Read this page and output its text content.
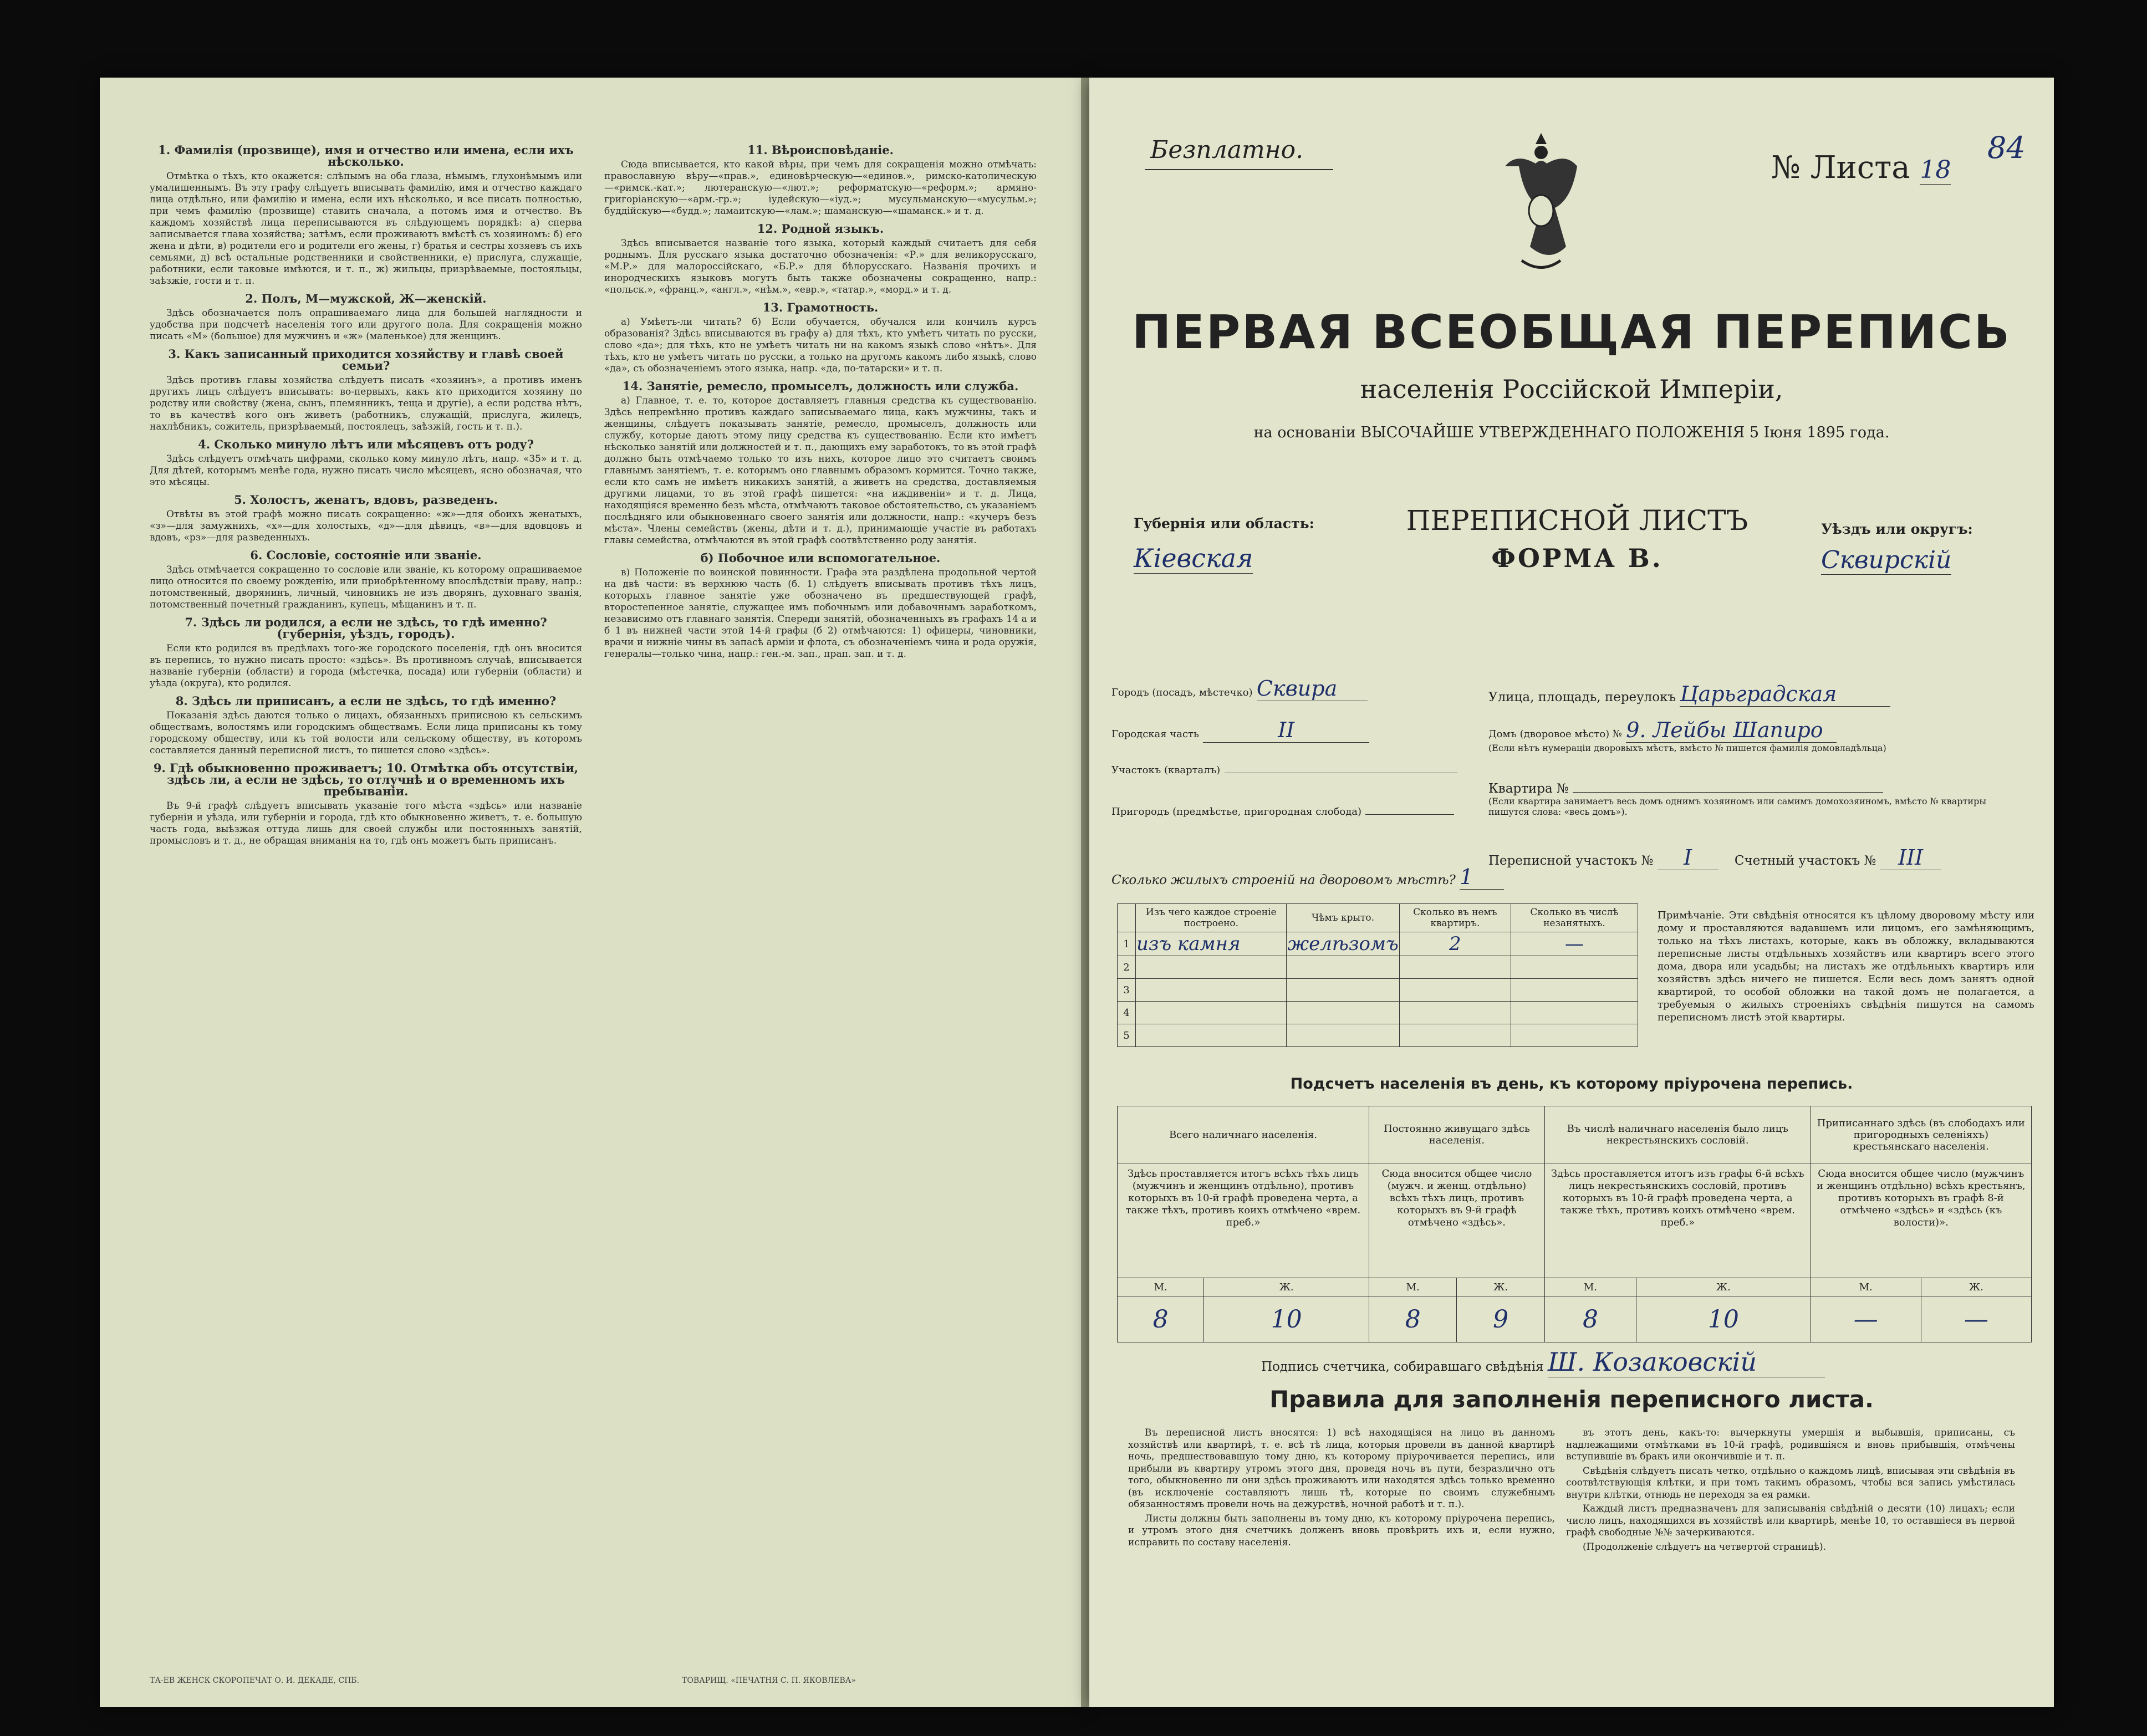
1. Фамилія (прозвище), имя и отчество или имена, если ихъ нѣсколько.

Отмѣтка о тѣхъ, кто окажется: слѣпымъ на оба глаза, нѣмымъ, глухонѣмымъ или умалишеннымъ. Въ эту графу слѣдуетъ вписывать фамилію, имя и отчество каждаго лица отдѣльно, или фамилію и имена, если ихъ нѣсколько, и все писать полностью, при чемъ фамилію (прозвище) ставить сначала, а потомъ имя и отчество. Въ каждомъ хозяйствѣ лица переписываются въ слѣдующемъ порядкѣ: а) сперва записывается глава хозяйства; затѣмъ, если проживаютъ вмѣстѣ съ хозяиномъ: б) его жена и дѣти, в) родители его и родители его жены, г) братья и сестры хозяевъ съ ихъ семьями, д) всѣ остальные родственники и свойственники, е) прислуга, служащіе, работники, если таковые имѣются, и т. п., ж) жильцы, призрѣваемые, постояльцы, заѣзжіе, гости и т. п.

2. Полъ, М—мужской, Ж—женскій.

Здѣсь обозначается полъ опрашиваемаго лица для большей наглядности и удобства при подсчетѣ населенія того или другого пола. Для сокращенія можно писать «М» (большое) для мужчинъ и «ж» (маленькое) для женщинъ.

3. Какъ записанный приходится хозяйству и главѣ своей семьи?

Здѣсь противъ главы хозяйства слѣдуетъ писать «хозяинъ», а противъ именъ другихъ лицъ слѣдуетъ вписывать: во-первыхъ, какъ кто приходится хозяину по родству или свойству (жена, сынъ, племянникъ, теща и другіе), а если родства нѣтъ, то въ качествѣ кого онъ живетъ (работникъ, служащій, прислуга, жилецъ, нахлѣбникъ, сожитель, призрѣваемый, постоялецъ, заѣзжій, гость и т. п.).

4. Сколько минуло лѣтъ или мѣсяцевъ отъ роду?

Здѣсь слѣдуетъ отмѣчать цифрами, сколько кому минуло лѣтъ, напр. «35» и т. д. Для дѣтей, которымъ менѣе года, нужно писать число мѣсяцевъ, ясно обозначая, что это мѣсяцы.

5. Холостъ, женатъ, вдовъ, разведенъ.

Отвѣты въ этой графѣ можно писать сокращенно: «ж»—для обоихъ женатыхъ, «з»—для замужнихъ, «х»—для холостыхъ, «д»—для дѣвицъ, «в»—для вдовцовъ и вдовъ, «рз»—для разведенныхъ.

6. Сословіе, состояніе или званіе.

Здѣсь отмѣчается сокращенно то сословіе или званіе, къ которому опрашиваемое лицо относится по своему рожденію, или приобрѣтенному впослѣдствіи праву, напр.: потомственный, дворянинъ, личный, чиновникъ не изъ дворянъ, духовнаго званія, потомственный почетный гражданинъ, купецъ, мѣщанинъ и т. п.

7. Здѣсь ли родился, а если не здѣсь, то гдѣ именно? (губернія, уѣздъ, городъ).

Если кто родился въ предѣлахъ того-же городского поселенія, гдѣ онъ вносится въ перепись, то нужно писать просто: «здѣсь». Въ противномъ случаѣ, вписывается названіе губерніи (области) и города (мѣстечка, посада) или губерніи (области) и уѣзда (округа), кто родился.

8. Здѣсь ли приписанъ, а если не здѣсь, то гдѣ именно?

Показанія здѣсь даются только о лицахъ, обязанныхъ приписною къ сельскимъ обществамъ, волостямъ или городскимъ обществамъ. Если лица приписаны къ тому городскому обществу, или къ той волости или сельскому обществу, въ которомъ составляется данный переписной листъ, то пишется слово «здѣсь».

9. Гдѣ обыкновенно проживаетъ; 10. Отмѣтка объ отсутствіи, здѣсь ли, а если не здѣсь, то отлучнѣ и о временномъ ихъ пребываніи.

Въ 9-й графѣ слѣдуетъ вписывать указаніе того мѣста «здѣсь» или названіе губерніи и уѣзда, или губерніи и города, гдѣ кто обыкновенно живетъ, т. е. большую часть года, выѣзжая оттуда лишь для своей службы или постоянныхъ занятій, промысловъ и т. д., не обращая вниманія на то, гдѣ онъ можетъ быть приписанъ.

11. Вѣроисповѣданіе.

Сюда вписывается, кто какой вѣры, при чемъ для сокращенія можно отмѣчать: православную вѣру—«прав.», единовѣрческую—«единов.», римско-католическую—«римск.-кат.»; лютеранскую—«лют.»; реформатскую—«реформ.»; армяно-григоріанскую—«арм.-гр.»; іудейскую—«іуд.»; мусульманскую—«мусульм.»; буддійскую—«будд.»; ламаитскую—«лам.»; шаманскую—«шаманск.» и т. д.

12. Родной языкъ.

Здѣсь вписывается названіе того языка, который каждый считаетъ для себя роднымъ. Для русскаго языка достаточно обозначенія: «Р.» для великорусскаго, «М.Р.» для малороссійскаго, «Б.Р.» для бѣлорусскаго. Названія прочихъ и инородческихъ языковъ могутъ быть также обозначены сокращенно, напр.: «польск.», «франц.», «англ.», «нѣм.», «евр.», «татар.», «морд.» и т. д.

13. Грамотность.

а) Умѣетъ-ли читать? б) Если обучается, обучался или кончилъ курсъ образованія? Здѣсь вписываются въ графу а) для тѣхъ, кто умѣетъ читать по русски, слово «да»; для тѣхъ, кто не умѣетъ читать ни на какомъ языкѣ слово «нѣтъ». Для тѣхъ, кто не умѣетъ читать по русски, а только на другомъ какомъ либо языкѣ, слово «да», съ обозначеніемъ этого языка, напр. «да, по-татарски» и т. п.

14. Занятіе, ремесло, промыселъ, должность или служба.

а) Главное, т. е. то, которое доставляетъ главныя средства къ существованію. Здѣсь непремѣнно противъ каждаго записываемаго лица, какъ мужчины, такъ и женщины, слѣдуетъ показывать занятіе, ремесло, промыселъ, должность или службу, которые даютъ этому лицу средства къ существованію. Если кто имѣетъ нѣсколько занятій или должностей и т. п., дающихъ ему заработокъ, то въ этой графѣ должно быть отмѣчаемо только то изъ нихъ, которое лицо это считаетъ своимъ главнымъ занятіемъ, т. е. которымъ оно главнымъ образомъ кормится. Точно также, если кто самъ не имѣетъ никакихъ занятій, а живетъ на средства, доставляемыя другими лицами, то въ этой графѣ пишется: «на иждивеніи» и т. д. Лица, находящіяся временно безъ мѣста, отмѣчаютъ таковое обстоятельство, съ указаніемъ послѣдняго или обыкновеннаго своего занятія или должности, напр.: «кучеръ безъ мѣста». Члены семействъ (жены, дѣти и т. д.), принимающіе участіе въ работахъ главы семейства, отмѣчаются въ этой графѣ соотвѣтственно роду занятія.

б) Побочное или вспомогательное.

в) Положеніе по воинской повинности. Графа эта раздѣлена продольной чертой на двѣ части: въ верхнюю часть (б. 1) слѣдуетъ вписывать противъ тѣхъ лицъ, которыхъ главное занятіе уже обозначено въ предшествующей графѣ, второстепенное занятіе, служащее имъ побочнымъ или добавочнымъ заработкомъ, независимо отъ главнаго занятія. Спереди занятій, обозначенныхъ въ графахъ 14 а и б 1 въ нижней части этой 14-й графы (б 2) отмѣчаются: 1) офицеры, чиновники, врачи и нижніе чины въ запасѣ арміи и флота, съ обозначеніемъ чина и рода оружія, генералы—только чина, напр.: ген.-м. зап., прап. зап. и т. д.

ТА-ЕВ ЖЕНСК СКОРОПЕЧАТ О. И. ДЕКАДЕ, СПБ.	ТОВАРИЩ. «ПЕЧАТНЯ С. П. ЯКОВЛЕВА»
Безплатно.	№ Листа 18
84
ПЕРВАЯ ВСЕОБЩАЯ ПЕРЕПИСЬ
населенія Россійской Имперіи,
на основаніи ВЫСОЧАЙШЕ УТВЕРЖДЕННАГО ПОЛОЖЕНІЯ 5 Іюня 1895 года.
Губернія или область:
Кіевская
ПЕРЕПИСНОЙ ЛИСТЪ
ФОРМА В.
Уѣздъ или округъ:
Сквирскій
Городъ (посадъ, мѣстечко) Сквира
Городская часть	II
Участокъ (кварталъ)
Пригородъ (предмѣстье, пригородная слобода)
Улица, площадь, переулокъ Царьградская
Домъ (дворовое мѣсто) № 9. Лейбы Шапиро
(Если нѣтъ нумераціи дворовыхъ мѣстъ, вмѣсто № пишется фамилія домовладѣльца)
Квартира №
(Если квартира занимаетъ весь домъ однимъ хозяиномъ или самимъ домохозяиномъ, вмѣсто № квартиры пишутся слова: «весь домъ»).
Переписной участокъ № I	Счетный участокъ № III
Сколько жилыхъ строеній на дворовомъ мѣстѣ? 1
	Изъ чего каждое строеніе построено.	Чѣмъ крыто.	Сколько въ немъ квартиръ.	Сколько въ числѣ незанятыхъ.
1	изъ камня	желѣзомъ	2	—
2				
3				
4				
5				
Примѣчаніе. Эти свѣдѣнія относятся къ цѣлому дворовому мѣсту или дому и проставляются вадавшемъ или лицомъ, его замѣняющимъ, только на тѣхъ листахъ, которые, какъ въ обложку, вкладываются переписные листы отдѣльныхъ хозяйствъ или квартиръ всего этого дома, двора или усадьбы; на листахъ же отдѣльныхъ квартиръ или хозяйствъ здѣсь ничего не пишется. Если весь домъ занятъ одной квартирой, то особой обложки на такой домъ не полагается, а требуемыя о жилыхъ строеніяхъ свѣдѣнія пишутся на самомъ переписномъ листѣ этой квартиры.
Подсчетъ населенія въ день, къ которому пріурочена перепись.
Всего наличнаго населенія.		Постоянно живущаго здѣсь населенія.		Въ числѣ наличнаго населенія было лицъ некрестьянскихъ сословій.		Приписаннаго здѣсь (въ слободахъ или пригородныхъ селеніяхъ) крестьянскаго населенія.	
Здѣсь проставляется итогъ всѣхъ тѣхъ лицъ (мужчинъ и женщинъ отдѣльно), противъ которыхъ въ 10-й графѣ проведена черта, а также тѣхъ, противъ коихъ отмѣчено «врем. преб.»		Сюда вносится общее число (мужч. и женщ. отдѣльно) всѣхъ тѣхъ лицъ, противъ которыхъ въ 9-й графѣ отмѣчено «здѣсь».		Здѣсь проставляется итогъ изъ графы 6-й всѣхъ лицъ некрестьянскихъ сословій, противъ которыхъ въ 10-й графѣ проведена черта, а также тѣхъ, противъ коихъ отмѣчено «врем. преб.»		Сюда вносится общее число (мужчинъ и женщинъ отдѣльно) всѣхъ крестьянъ, противъ которыхъ въ графѣ 8-й отмѣчено «здѣсь» и «здѣсь (къ волости)».	
М.	Ж.	М.	Ж.	М.	Ж.	М.	Ж.
8	10	8	9	8	10	—	—
Подпись счетчика, собиравшаго свѣдѣнія Ш. Козаковскій
Правила для заполненія переписного листа.

Въ переписной листъ вносятся: 1) всѣ находящіяся на лицо въ данномъ хозяйствѣ или квартирѣ, т. е. всѣ тѣ лица, которыя провели въ данной квартирѣ ночь, предшествовавшую тому дню, къ которому пріурочивается перепись, или прибыли въ квартиру утромъ этого дня, проведя ночь въ пути, безразлично отъ того, обыкновенно ли они здѣсь проживаютъ или находятся здѣсь только временно (въ исключеніе составляютъ лишь тѣ, которые по своимъ служебнымъ обязанностямъ провели ночь на дежурствѣ, ночной работѣ и т. п.).

Листы должны быть заполнены въ тому дню, къ которому пріурочена перепись, и утромъ этого дня счетчикъ долженъ вновь провѣрить ихъ и, если нужно, исправить по составу населенія.

въ этотъ день, какъ-то: вычеркнуты умершія и выбывшія, приписаны, съ надлежащими отмѣтками въ 10-й графѣ, родившіяся и вновь прибывшія, отмѣчены вступившіе въ бракъ или окончившіе и т. п.

Свѣдѣнія слѣдуетъ писать четко, отдѣльно о каждомъ лицѣ, вписывая эти свѣдѣнія въ соотвѣтствующія клѣтки, и при томъ такимъ образомъ, чтобы вся запись умѣстилась внутри клѣтки, отнюдь не переходя за ея рамки.

Каждый листъ предназначенъ для записыванія свѣдѣній о десяти (10) лицахъ; если число лицъ, находящихся въ хозяйствѣ или квартирѣ, менѣе 10, то оставшіеся въ первой графѣ свободные №№ зачеркиваются.

(Продолженіе слѣдуетъ на четвертой страницѣ).
